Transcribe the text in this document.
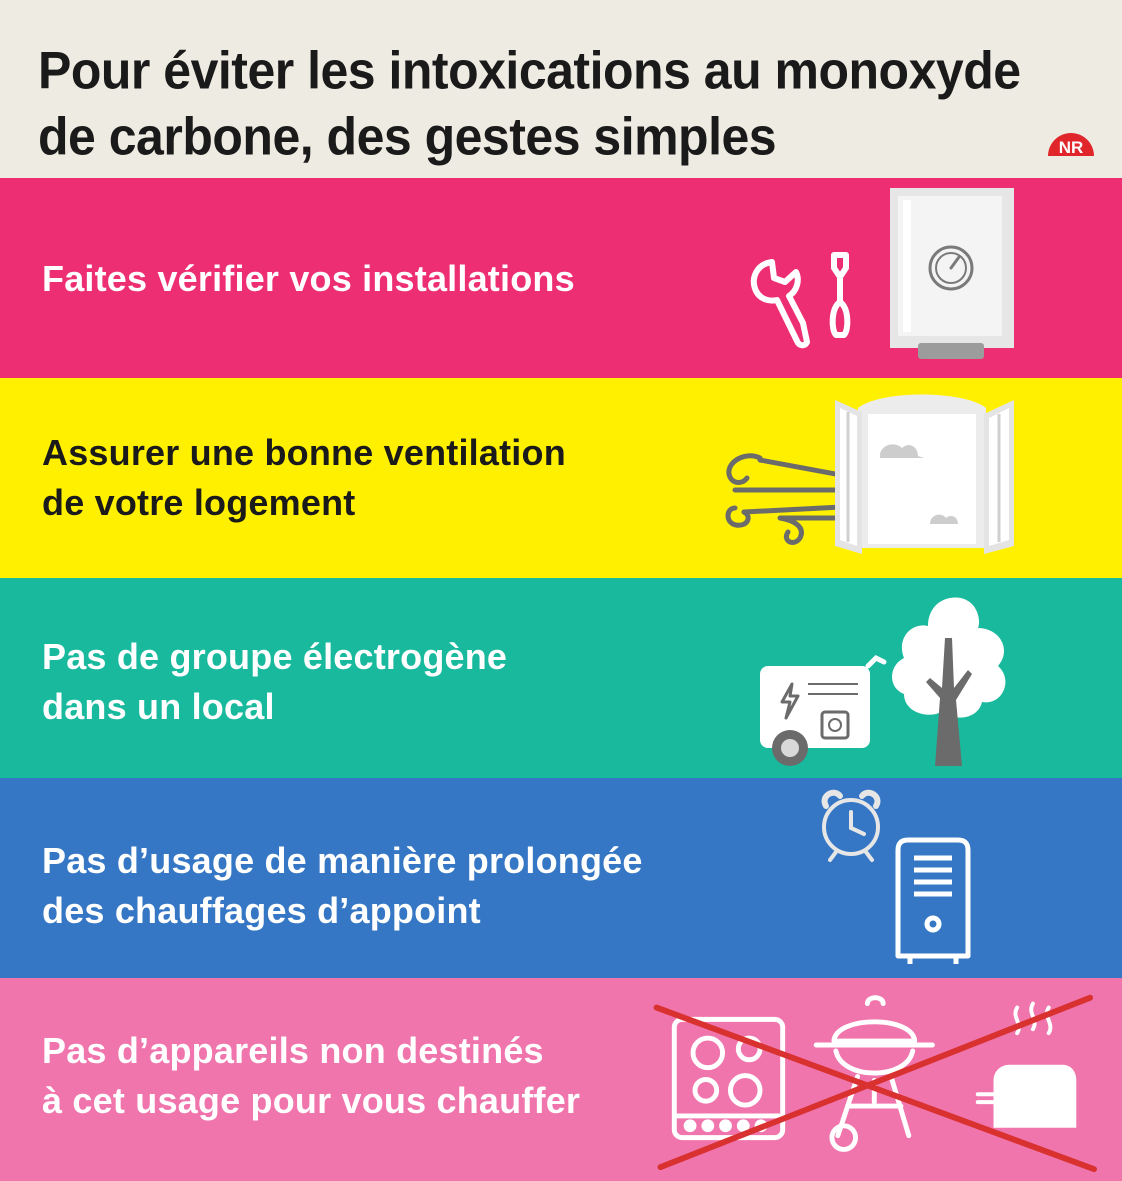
Pour éviter les intoxications au monoxyde de carbone, des gestes simples	NR

Faites vérifier vos installations

Assurer une bonne ventilation
de votre logement

Pas de groupe électrogène
dans un local

Pas d’usage de manière prolongée
des chauffages d’appoint

Pas d’appareils non destinés
à cet usage pour vous chauffer
